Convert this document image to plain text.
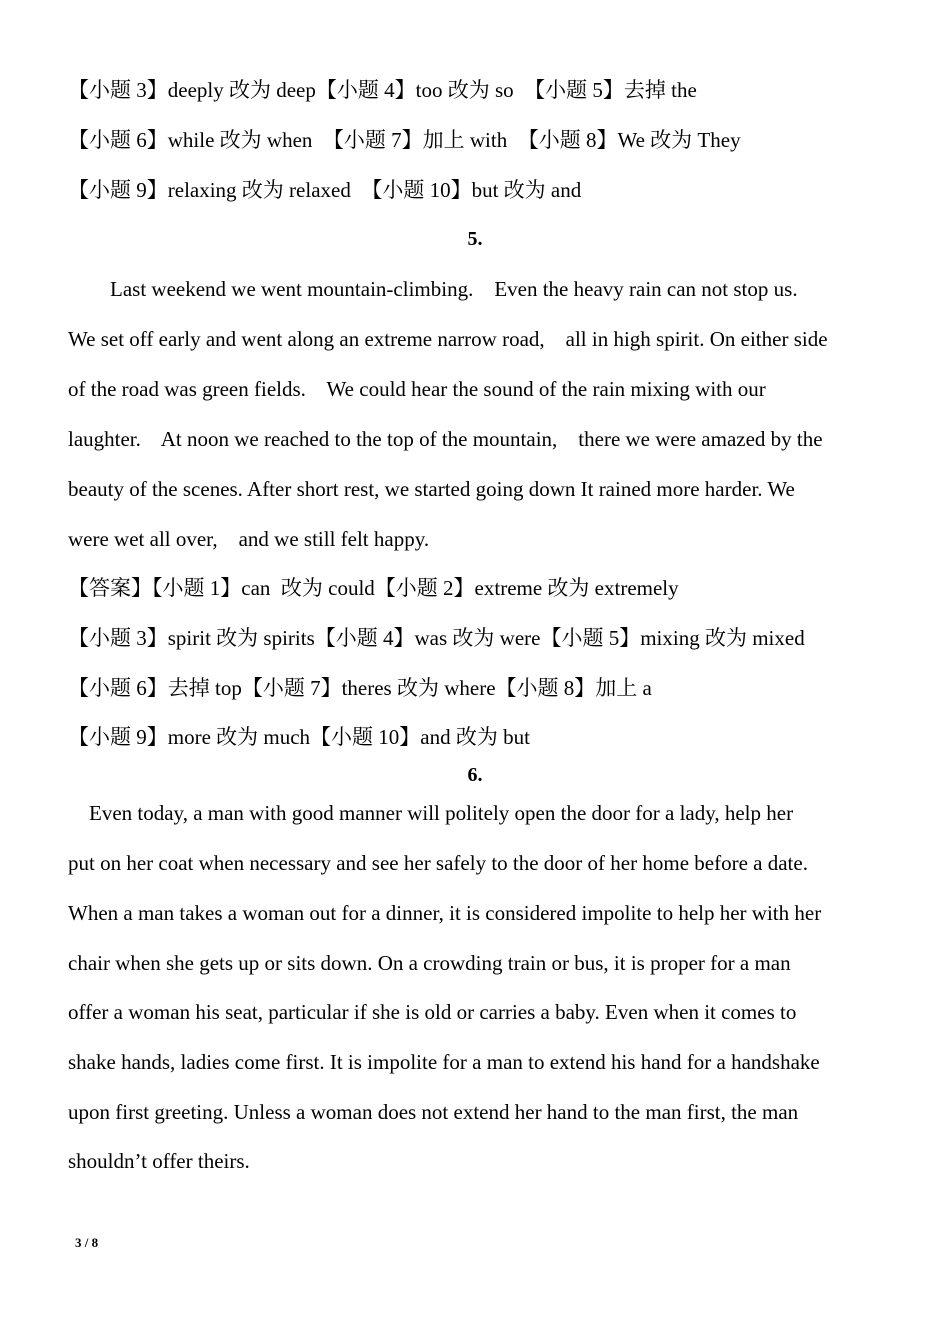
【小题 3】deeply 改为 deep【小题 4】too 改为 so  【小题 5】去掉 the
【小题 6】while 改为 when  【小题 7】加上 with  【小题 8】We 改为 They
【小题 9】relaxing 改为 relaxed  【小题 10】but 改为 and
5.
Last weekend we went mountain-climbing.    Even the heavy rain can not stop us.
We set off early and went along an extreme narrow road,    all in high spirit. On either side
of the road was green fields.    We could hear the sound of the rain mixing with our
laughter.    At noon we reached to the top of the mountain,    there we were amazed by the
beauty of the scenes. After short rest, we started going down It rained more harder. We
were wet all over,    and we still felt happy.
【答案】【小题 1】can  改为 could【小题 2】extreme 改为 extremely
【小题 3】spirit 改为 spirits【小题 4】was 改为 were【小题 5】mixing 改为 mixed
【小题 6】去掉 top【小题 7】theres 改为 where【小题 8】加上 a
【小题 9】more 改为 much【小题 10】and 改为 but
6.
Even today, a man with good manner will politely open the door for a lady, help her
put on her coat when necessary and see her safely to the door of her home before a date.
When a man takes a woman out for a dinner, it is considered impolite to help her with her
chair when she gets up or sits down. On a crowding train or bus, it is proper for a man
offer a woman his seat, particular if she is old or carries a baby. Even when it comes to
shake hands, ladies come first. It is impolite for a man to extend his hand for a handshake
upon first greeting. Unless a woman does not extend her hand to the man first, the man
shouldn’t offer theirs.
3 / 8
